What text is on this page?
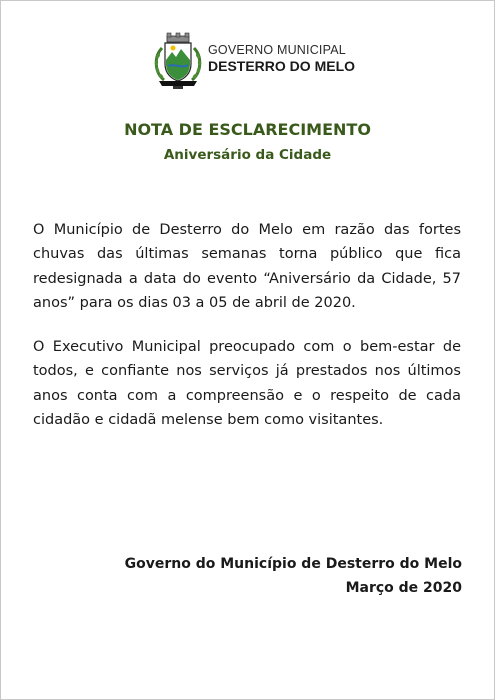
GOVERNO MUNICIPAL
DESTERRO DO MELO
NOTA DE ESCLARECIMENTO
Aniversário da Cidade

O Município de Desterro do Melo em razão das fortes chuvas das últimas semanas torna público que fica redesignada a data do evento “Aniversário da Cidade, 57 anos” para os dias 03 a 05 de abril de 2020.

O Executivo Municipal preocupado com o bem-estar de todos, e confiante nos serviços já prestados nos últimos anos conta com a compreensão e o respeito de cada cidadão e cidadã melense bem como visitantes.

Governo do Município de Desterro do Melo
Março de 2020
